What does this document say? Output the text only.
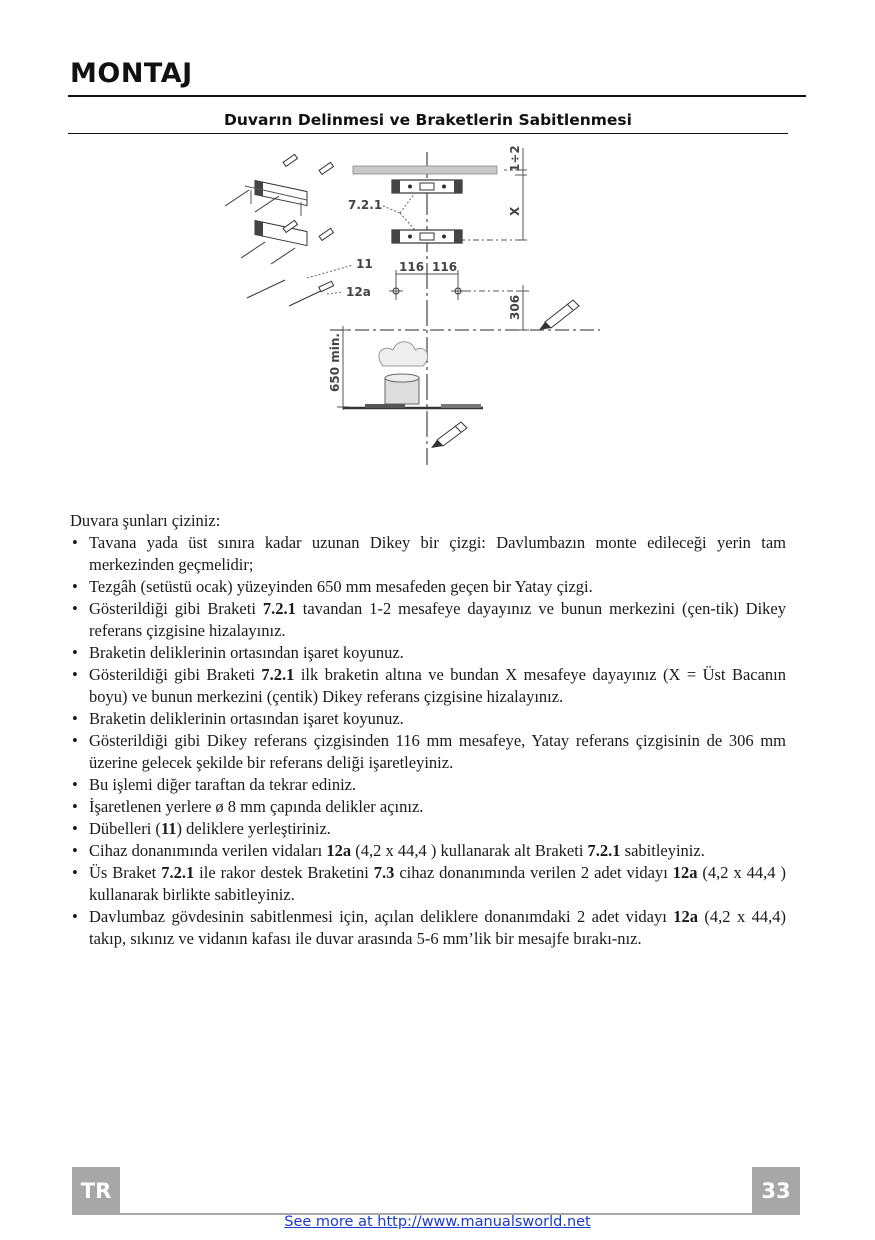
MONTAJ
Duvarın Delinmesi ve Braketlerin Sabitlenmesi
1÷2
X
7.2.1
116 116
306
650 min.
11
12a
Duvara şunları çiziniz:
• Tavana yada üst sınıra kadar uzunan Dikey bir çizgi: Davlumbazın monte edileceği yerin tam merkezinden geçmelidir;
• Tezgâh (setüstü ocak) yüzeyinden 650 mm mesafeden geçen bir Yatay çizgi.
• Gösterildiği gibi Braketi 7.2.1 tavandan 1-2 mesafeye dayayınız ve bunun merkezini (çen-tik) Dikey referans çizgisine hizalayınız.
• Braketin deliklerinin ortasından işaret koyunuz.
• Gösterildiği gibi Braketi 7.2.1 ilk braketin altına ve bundan X mesafeye dayayınız (X = Üst Bacanın boyu) ve bunun merkezini (çentik) Dikey referans çizgisine hizalayınız.
• Braketin deliklerinin ortasından işaret koyunuz.
• Gösterildiği gibi Dikey referans çizgisinden 116 mm mesafeye, Yatay referans çizgisinin de 306 mm üzerine gelecek şekilde bir referans deliği işaretleyiniz.
• Bu işlemi diğer taraftan da tekrar ediniz.
• İşaretlenen yerlere ø 8 mm çapında delikler açınız.
• Dübelleri (11) deliklere yerleştiriniz.
• Cihaz donanımında verilen vidaları 12a (4,2 x 44,4 ) kullanarak alt Braketi 7.2.1 sabitleyiniz.
• Üs Braket 7.2.1 ile rakor destek Braketini 7.3 cihaz donanımında verilen 2 adet vidayı 12a (4,2 x 44,4 ) kullanarak birlikte sabitleyiniz.
• Davlumbaz gövdesinin sabitlenmesi için, açılan deliklere donanımdaki 2 adet vidayı 12a (4,2 x 44,4) takıp, sıkınız ve vidanın kafası ile duvar arasında 5-6 mm’lik bir mesajfe bırakı-nız.
TR	33
See more at http://www.manualsworld.net
